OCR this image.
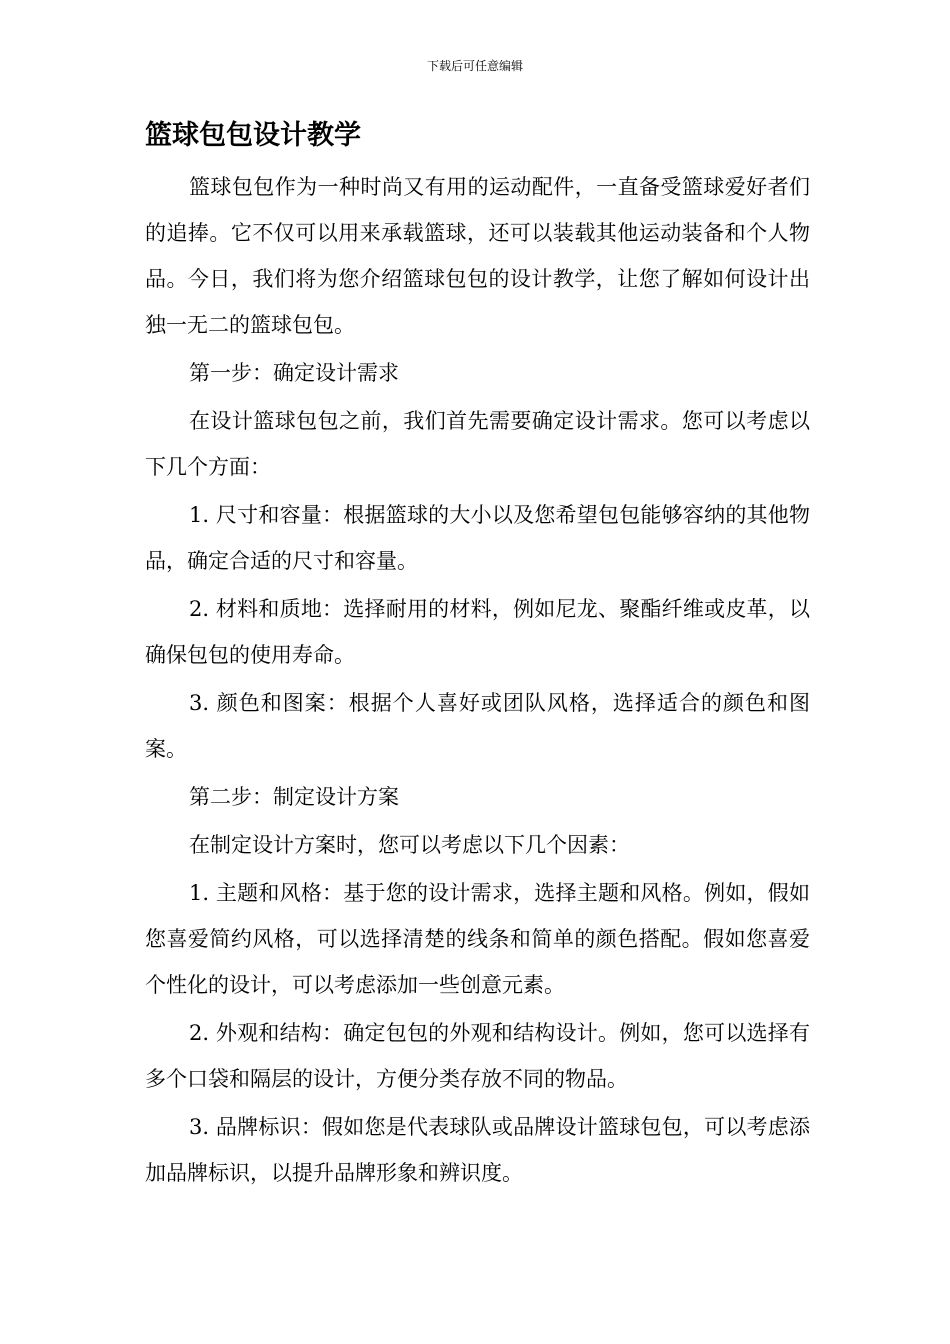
下载后可任意编辑
篮球包包设计教学

篮球包包作为一种时尚又有用的运动配件，一直备受篮球爱好者们的追捧。它不仅可以用来承载篮球，还可以装载其他运动装备和个人物品。今日，我们将为您介绍篮球包包的设计教学，让您了解如何设计出独一无二的篮球包包。

第一步：确定设计需求

在设计篮球包包之前，我们首先需要确定设计需求。您可以考虑以下几个方面：

1. 尺寸和容量：根据篮球的大小以及您希望包包能够容纳的其他物品，确定合适的尺寸和容量。

2. 材料和质地：选择耐用的材料，例如尼龙、聚酯纤维或皮革，以确保包包的使用寿命。

3. 颜色和图案：根据个人喜好或团队风格，选择适合的颜色和图案。

第二步：制定设计方案

在制定设计方案时，您可以考虑以下几个因素：

1. 主题和风格：基于您的设计需求，选择主题和风格。例如，假如您喜爱简约风格，可以选择清楚的线条和简单的颜色搭配。假如您喜爱个性化的设计，可以考虑添加一些创意元素。

2. 外观和结构：确定包包的外观和结构设计。例如，您可以选择有多个口袋和隔层的设计，方便分类存放不同的物品。

3. 品牌标识：假如您是代表球队或品牌设计篮球包包，可以考虑添加品牌标识，以提升品牌形象和辨识度。
